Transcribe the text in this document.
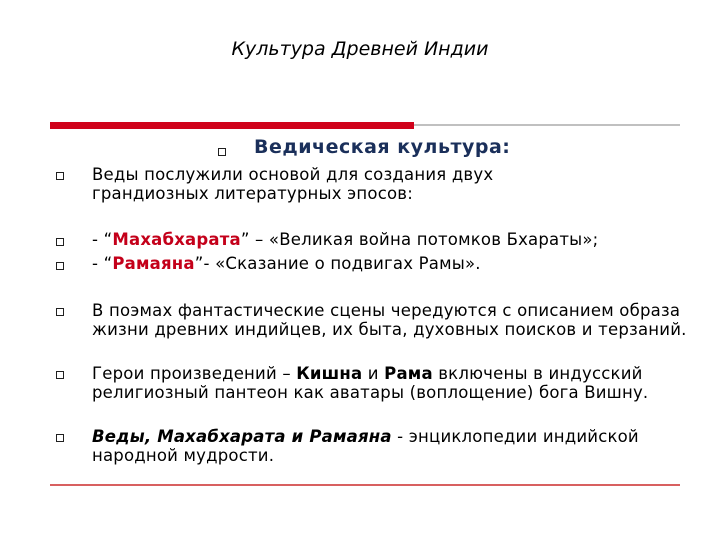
Культура Древней Индии
Ведическая культура:
Веды послужили основой для создания двух грандиозных литературных эпосов:
- “Махабхарата” – «Великая война потомков Бхараты»;
- “Рамаяна”- «Сказание о подвигах Рамы».
В поэмах фантастические сцены чередуются с описанием образа жизни древних индийцев, их быта, духовных поисков и терзаний.
Герои произведений – Кишна и Рама включены в индусский религиозный пантеон как аватары (воплощение) бога Вишну.
Веды, Махабхарата и Рамаяна - энциклопедии индийской народной мудрости.
